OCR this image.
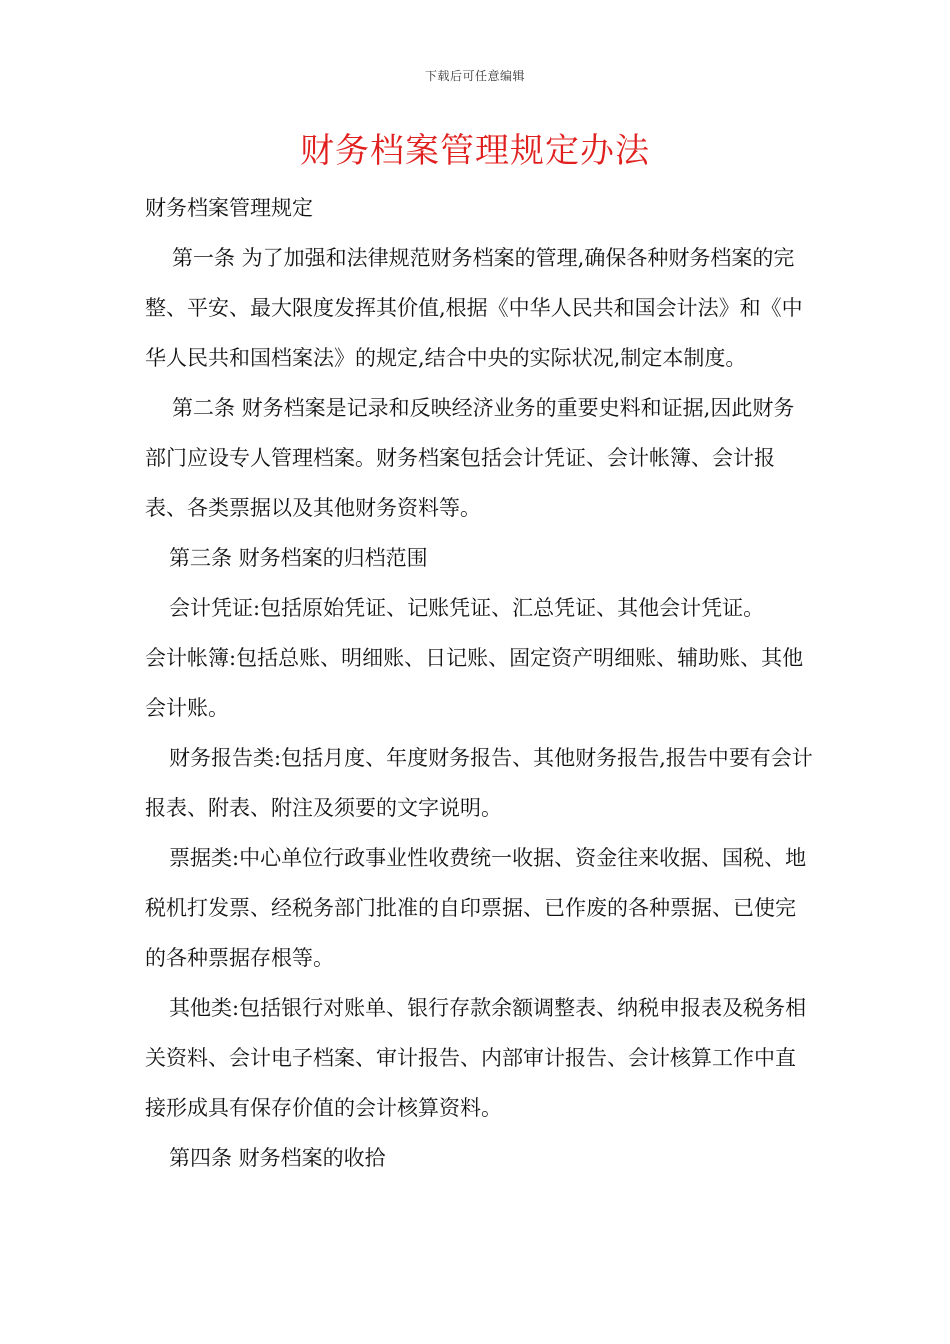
下载后可任意编辑
财务档案管理规定办法

财务档案管理规定

第一条 为了加强和法律规范财务档案的管理,确保各种财务档案的完整、平安、最大限度发挥其价值,根据《中华人民共和国会计法》和《中华人民共和国档案法》的规定,结合中央的实际状况,制定本制度。

第二条 财务档案是记录和反映经济业务的重要史料和证据,因此财务部门应设专人管理档案。财务档案包括会计凭证、会计帐簿、会计报表、各类票据以及其他财务资料等。

第三条 财务档案的归档范围

会计凭证:包括原始凭证、记账凭证、汇总凭证、其他会计凭证。

会计帐簿:包括总账、明细账、日记账、固定资产明细账、辅助账、其他会计账。

财务报告类:包括月度、年度财务报告、其他财务报告,报告中要有会计报表、附表、附注及须要的文字说明。

票据类:中心单位行政事业性收费统一收据、资金往来收据、国税、地税机打发票、经税务部门批准的自印票据、已作废的各种票据、已使完的各种票据存根等。

其他类:包括银行对账单、银行存款余额调整表、纳税申报表及税务相关资料、会计电子档案、审计报告、内部审计报告、会计核算工作中直接形成具有保存价值的会计核算资料。

第四条 财务档案的收拾
